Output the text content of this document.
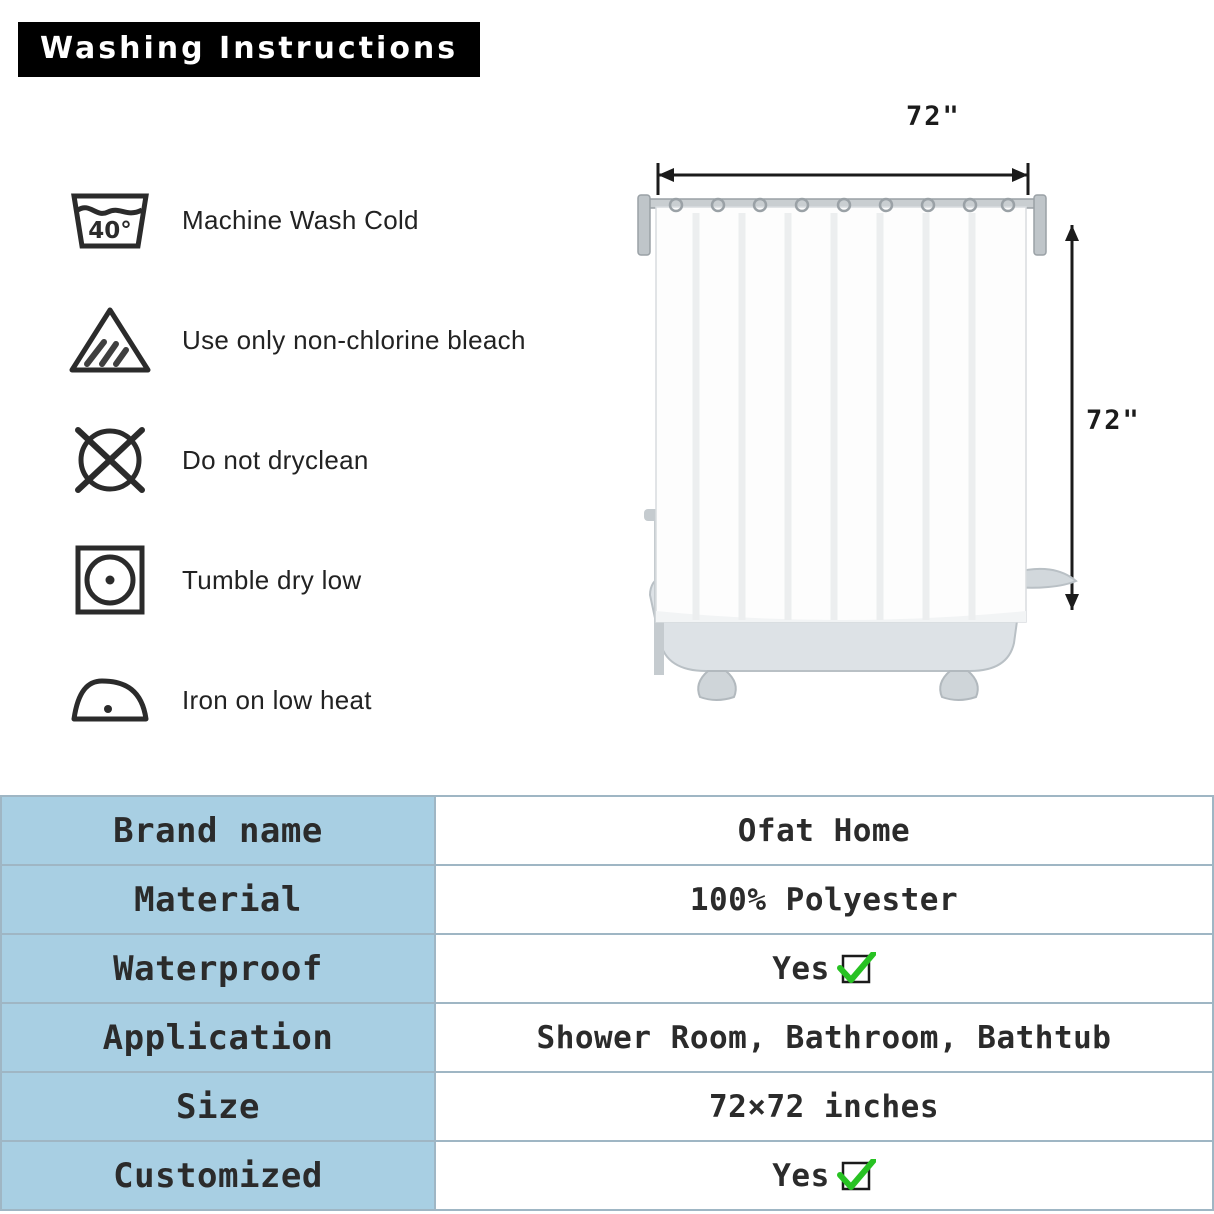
Washing Instructions
40°	Machine Wash Cold
Use only non-chlorine bleach
Do not dryclean
Tumble dry low
Iron on low heat
72"
72"
Brand name	Ofat Home
Material	100% Polyester
Waterproof	Yes

Application	Shower Room, Bathroom, Bathtub
Size	72×72 inches
Customized	Yes
